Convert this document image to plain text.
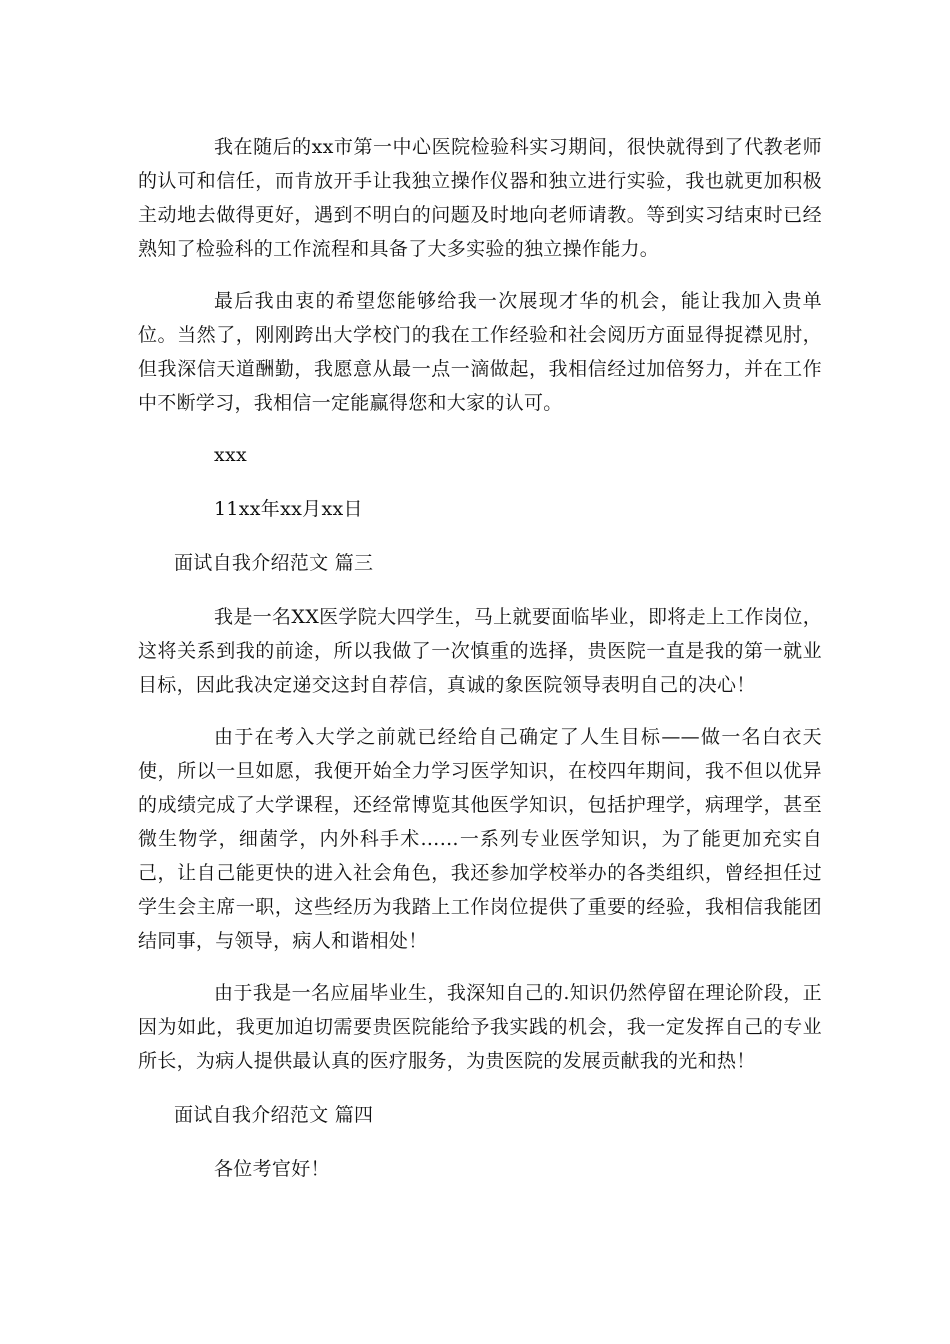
我在随后的xx市第一中心医院检验科实习期间，很快就得到了代教老师的认可和信任，而肯放开手让我独立操作仪器和独立进行实验，我也就更加积极主动地去做得更好，遇到不明白的问题及时地向老师请教。等到实习结束时已经熟知了检验科的工作流程和具备了大多实验的独立操作能力。

最后我由衷的希望您能够给我一次展现才华的机会，能让我加入贵单位。当然了，刚刚跨出大学校门的我在工作经验和社会阅历方面显得捉襟见肘，但我深信天道酬勤，我愿意从最一点一滴做起，我相信经过加倍努力，并在工作中不断学习，我相信一定能赢得您和大家的认可。

xxx

11xx年xx月xx日

面试自我介绍范文 篇三

我是一名XX医学院大四学生，马上就要面临毕业，即将走上工作岗位，这将关系到我的前途，所以我做了一次慎重的选择，贵医院一直是我的第一就业目标，因此我决定递交这封自荐信，真诚的象医院领导表明自己的决心！

由于在考入大学之前就已经给自己确定了人生目标——做一名白衣天使，所以一旦如愿，我便开始全力学习医学知识，在校四年期间，我不但以优异的成绩完成了大学课程，还经常博览其他医学知识，包括护理学，病理学，甚至微生物学，细菌学，内外科手术……一系列专业医学知识，为了能更加充实自己，让自己能更快的进入社会角色，我还参加学校举办的各类组织，曾经担任过学生会主席一职，这些经历为我踏上工作岗位提供了重要的经验，我相信我能团结同事，与领导，病人和谐相处！

由于我是一名应届毕业生，我深知自己的.知识仍然停留在理论阶段，正因为如此，我更加迫切需要贵医院能给予我实践的机会，我一定发挥自己的专业所长，为病人提供最认真的医疗服务，为贵医院的发展贡献我的光和热！

面试自我介绍范文 篇四

各位考官好！
